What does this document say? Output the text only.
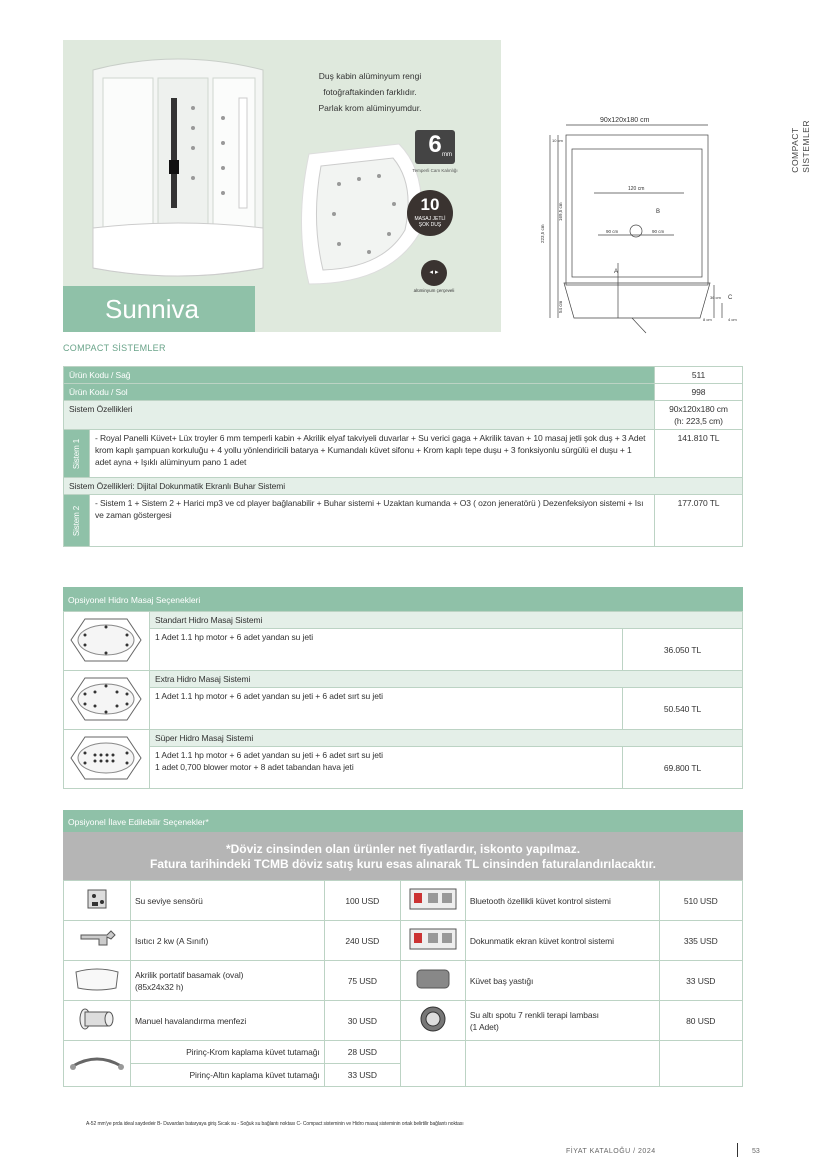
Duş kabin alüminyum rengi
fotoğraftakinden farklıdır.
Parlak krom alüminyumdur.
6 mm
Temperli Cam Kalınlığı
10
MASAJ JETLİ
ŞOK DUŞ
◂ ▸
alüminyum çerçeveli
Sunniva
90x120x180 cm
10 cm
120 cm
90 cm	90 cm
B
A
C
36 cm
8 cm	4 cm
223,5 cm
169,5 cm
54 cm
COMPACT SİSTEMLER
COMPACT SİSTEMLER
Ürün Kodu / Sağ		511
Ürün Kodu / Sol		998
Sistem Özellikleri		90x120x180 cm
(h: 223,5 cm)

Sistem 1	- Royal Panelli Küvet+ Lüx troyler 6 mm temperli kabin + Akrilik elyaf takviyeli duvarlar + Su verici gaga + Akrilik tavan + 10 masaj jetli şok duş + 3 Adet krom kaplı şampuan korkuluğu + 4 yollu yönlendiricili batarya + Kumandalı küvet sifonu + Krom kaplı tepe duşu + 3 fonksiyonlu sürgülü el duşu + 1 adet ayna + Işıklı alüminyum pano 1 adet	141.810 TL
Sistem Özellikleri: Dijital Dokunmatik Ekranlı Buhar Sistemi		

Sistem 2	- Sistem 1 + Sistem 2 + Harici mp3 ve cd player bağlanabilir + Buhar sistemi + Uzaktan kumanda + O3 ( ozon jeneratörü ) Dezenfeksiyon sistemi + Isı ve zaman göstergesi	177.070 TL
Opsiyonel Hidro Masaj Seçenekleri
	Standart Hidro Masaj Sistemi	
	1 Adet 1.1 hp motor + 6 adet yandan su jeti	36.050 TL

	Extra Hidro Masaj Sistemi	
	1 Adet 1.1 hp motor + 6 adet yandan su jeti + 6 adet sırt su jeti	50.540 TL

	Süper Hidro Masaj Sistemi	

	1 Adet 1.1 hp motor + 6 adet yandan su jeti + 6 adet sırt su jeti
1 adet 0,700 blower motor + 8 adet tabandan hava jeti	69.800 TL
Opsiyonel İlave Edilebilir Seçenekler*
*Döviz cinsinden olan ürünler net fiyatlardır, iskonto yapılmaz.
Fatura tarihindeki TCMB döviz satış kuru esas alınarak TL cinsinden faturalandırılacaktır.
	Su seviye sensörü	100 USD		Bluetooth özellikli küvet kontrol sistemi	510 USD
	Isıtıcı 2 kw (A Sınıfı)	240 USD		Dokunmatik ekran küvet kontrol sistemi	335 USD

Akrilik portatif basamak (oval)
(85x24x32 h)	75 USD		Küvet baş yastığı	33 USD
	Manuel havalandırma menfezi	30 USD		Su altı spotu 7 renkli terapi lambası
(1 Adet)	80 USD
	Pirinç-Krom kaplama küvet tutamağı	28 USD			
	Pirinç-Altın kaplama küvet tutamağı	33 USD			
A-52 mm'ye prda ideal saydedeir B- Duvardan bataryaya giriş Sıcak su - Soğuk su bağlantı noktası C- Compact sisteminin ve Hidro masaj sisteminin ortak belirtilir bağlantı noktası
FİYAT KATALOĞU / 2024	53
